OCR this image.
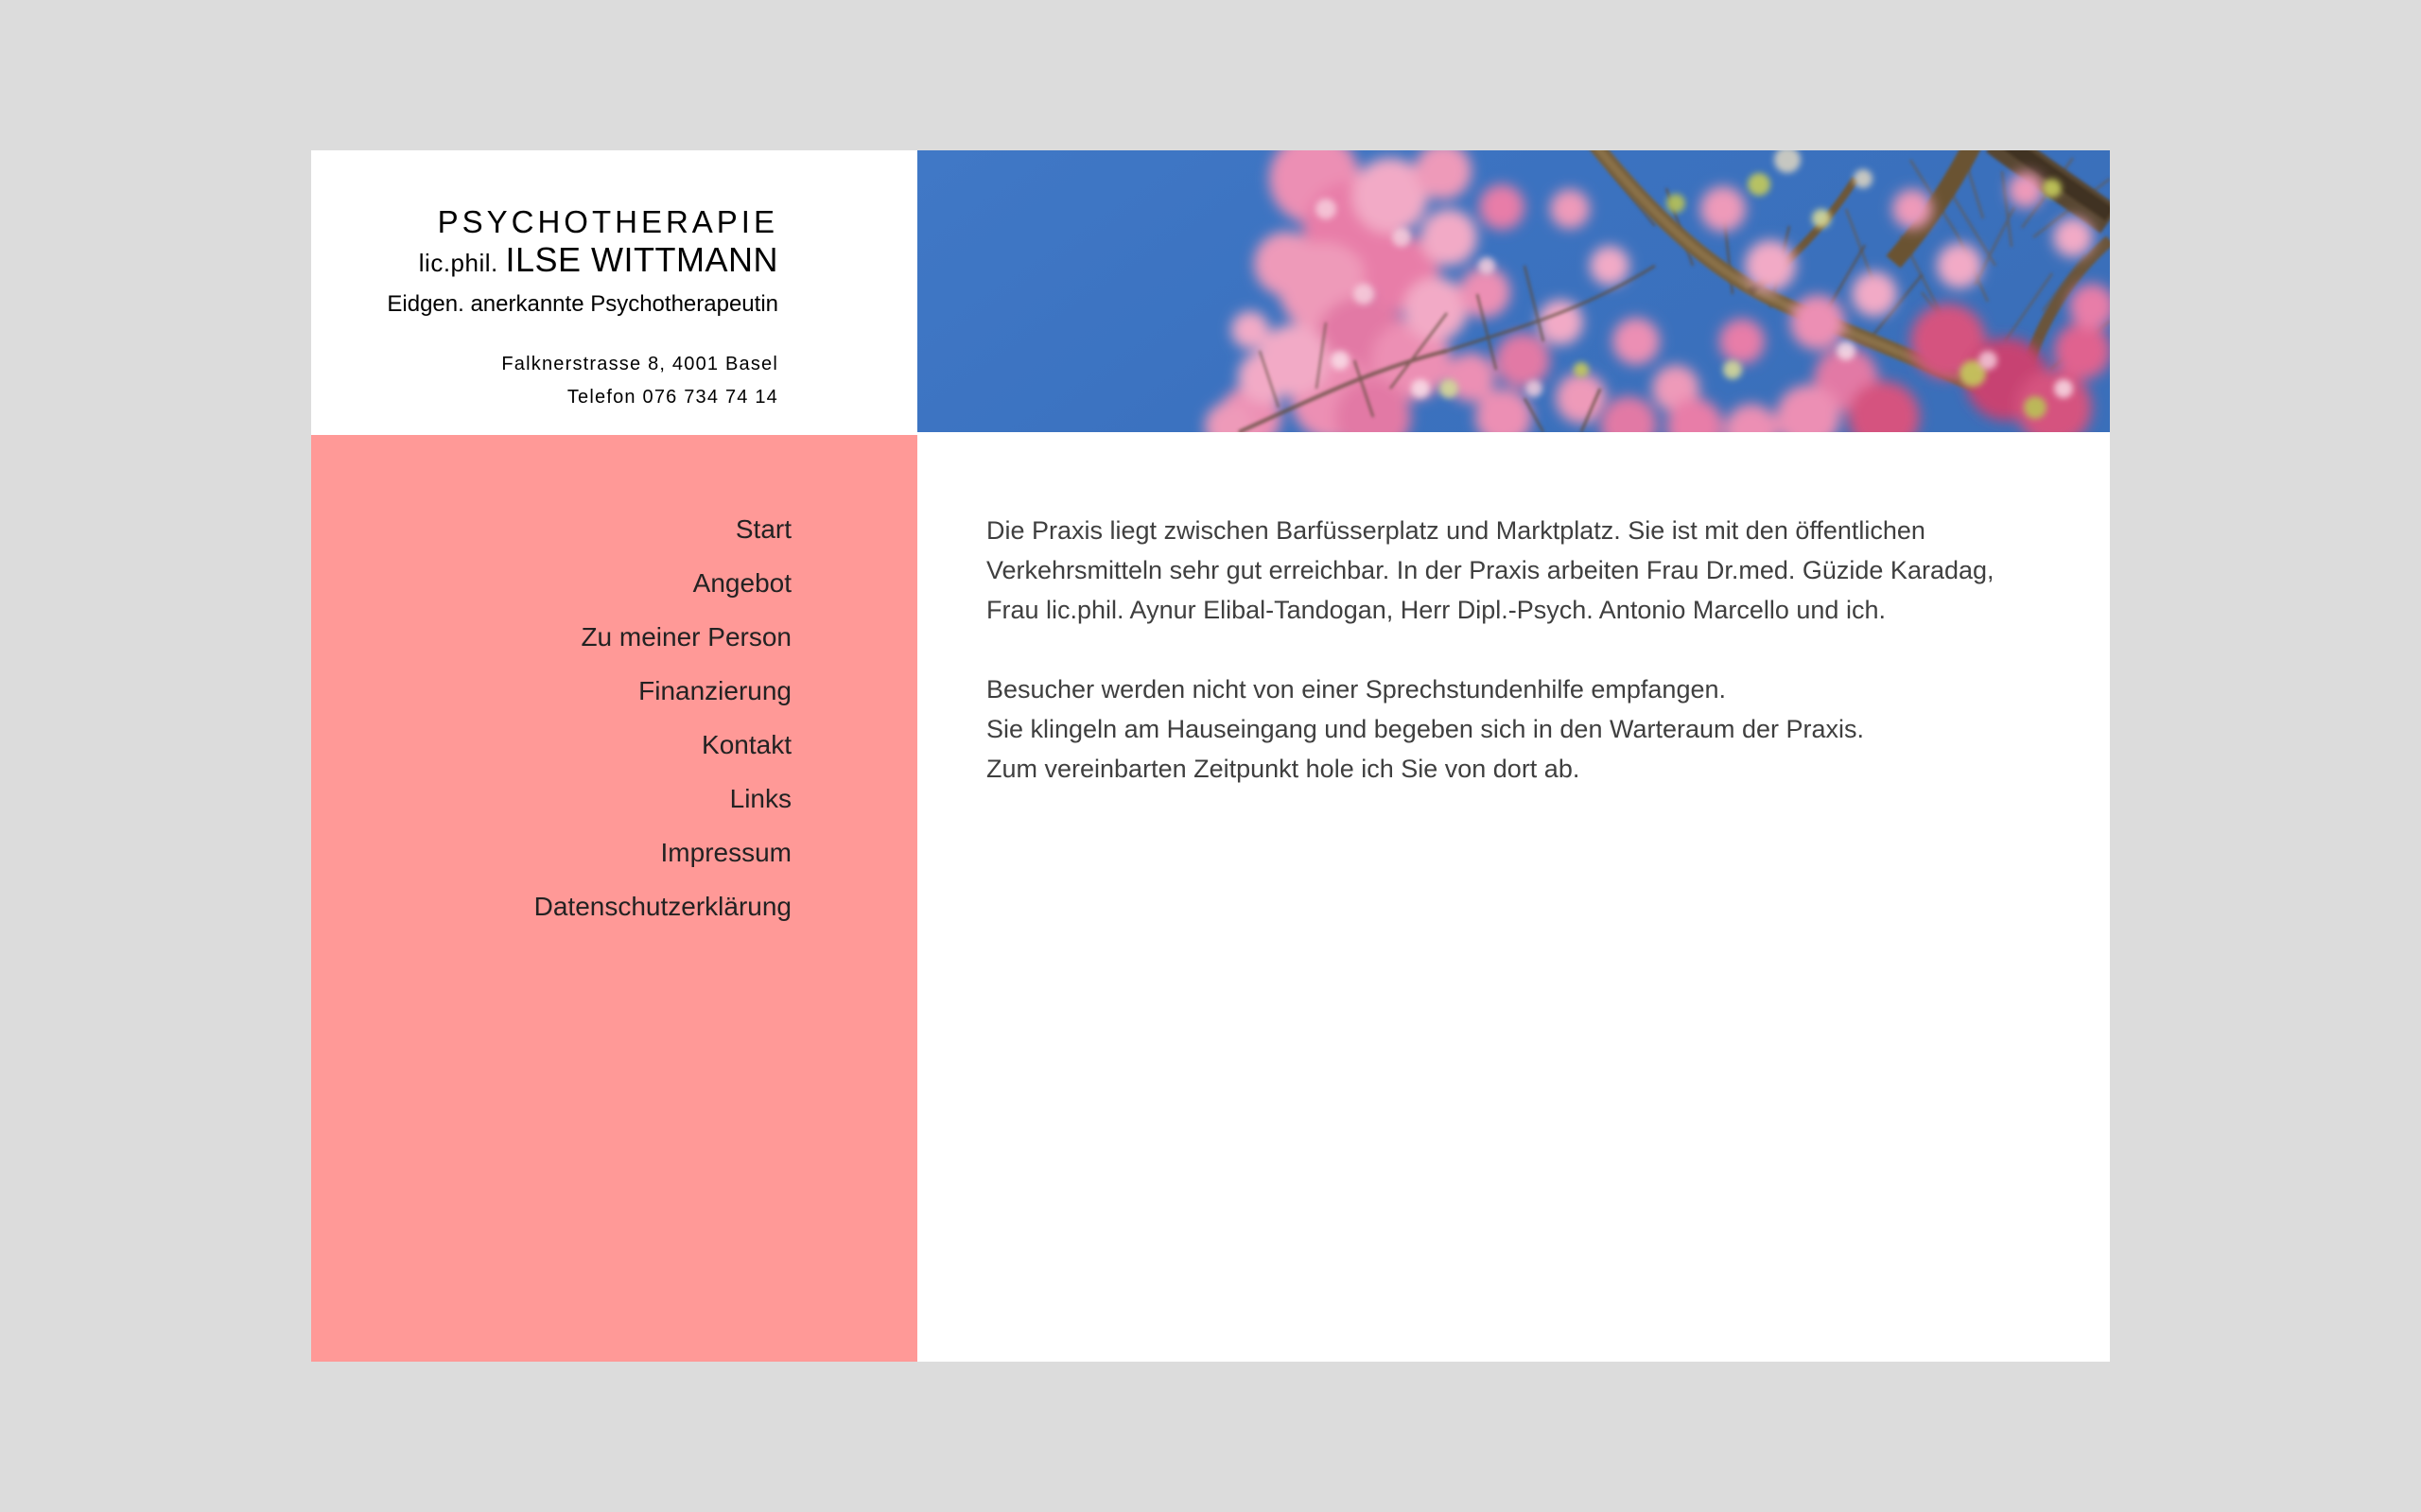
PSYCHOTHERAPIE
lic.phil. ILSE WITTMANN
Eidgen. anerkannte Psychotherapeutin
Falknerstrasse 8, 4001 Basel
Telefon 076 734 74 14
Start
Angebot
Zu meiner Person
Finanzierung
Kontakt
Links
Impressum
Datenschutzerklärung

Die Praxis liegt zwischen Barfüsserplatz und Marktplatz. Sie ist mit den öffentlichen Verkehrsmitteln sehr gut erreichbar. In der Praxis arbeiten Frau Dr.med. Güzide Karadag, Frau lic.phil. Aynur Elibal-Tandogan, Herr Dipl.-Psych. Antonio Marcello und ich.

Besucher werden nicht von einer Sprechstundenhilfe empfangen.
Sie klingeln am Hauseingang und begeben sich in den Warteraum der Praxis.
Zum vereinbarten Zeitpunkt hole ich Sie von dort ab.
